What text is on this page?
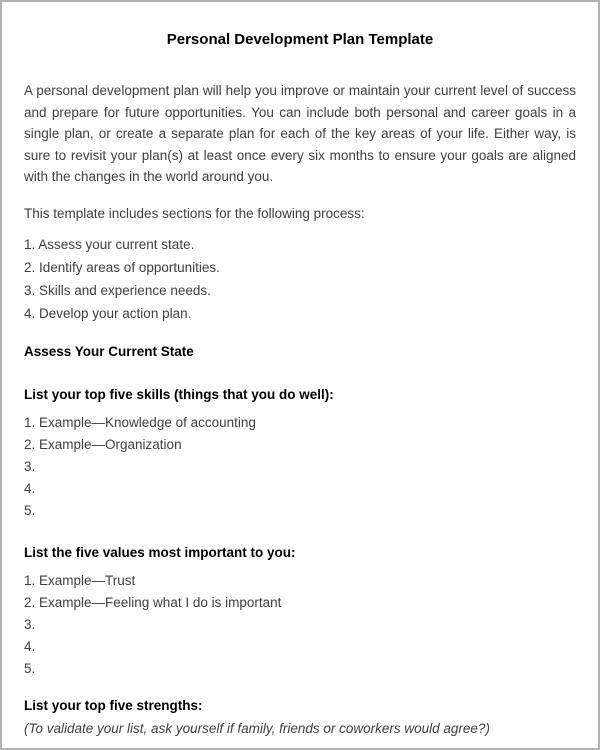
Personal Development Plan Template

A personal development plan will help you improve or maintain your current level of success and prepare for future opportunities. You can include both personal and career goals in a single plan, or create a separate plan for each of the key areas of your life. Either way, is sure to revisit your plan(s) at least once every six months to ensure your goals are aligned with the changes in the world around you.

This template includes sections for the following process:

1. Assess your current state.

2. Identify areas of opportunities.

3. Skills and experience needs.

4. Develop your action plan.

Assess Your Current State
List your top five skills (things that you do well):

1. Example—Knowledge of accounting

2. Example—Organization

3.

4.

5.

List the five values most important to you:

1. Example—Trust

2. Example—Feeling what I do is important

3.

4.

5.

List your top five strengths:

(To validate your list, ask yourself if family, friends or coworkers would agree?)
